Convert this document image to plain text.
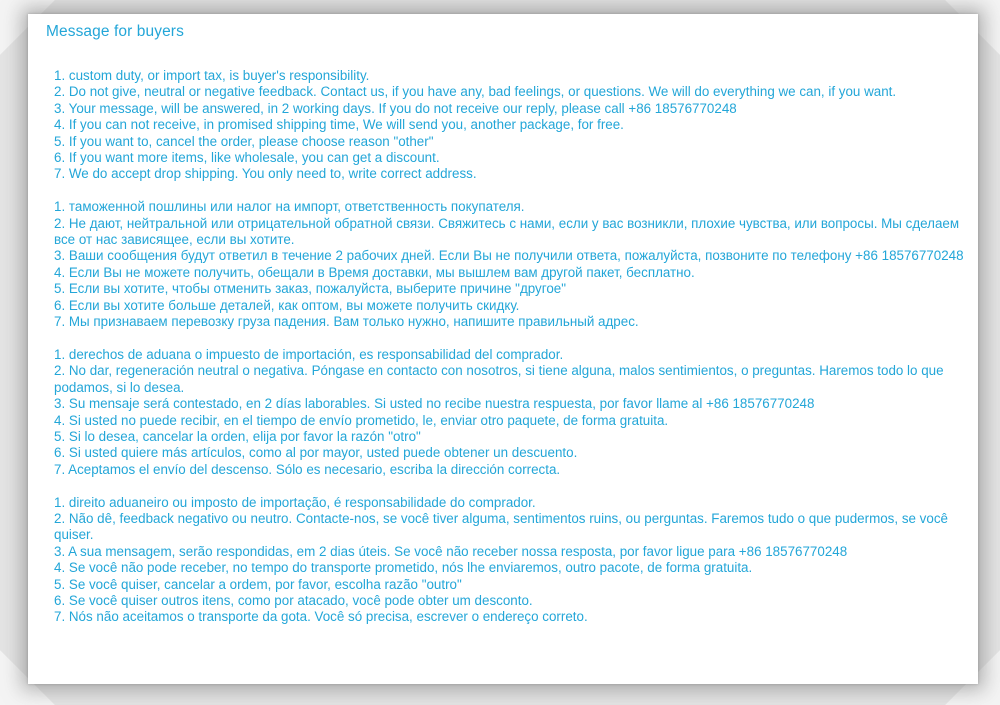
Message for buyers

1. custom duty, or import tax, is buyer's responsibility.

2. Do not give, neutral or negative feedback. Contact us, if you have any, bad feelings, or questions. We will do everything we can, if you want.

3. Your message, will be answered, in 2 working days. If you do not receive our reply, please call +86 18576770248

4. If you can not receive, in promised shipping time, We will send you, another package, for free.

5. If you want to, cancel the order, please choose reason "other"

6. If you want more items, like wholesale, you can get a discount.

7. We do accept drop shipping. You only need to, write correct address.

1. таможенной пошлины или налог на импорт, ответственность покупателя.

2. Не дают, нейтральной или отрицательной обратной связи. Свяжитесь с нами, если у вас возникли, плохие чувства, или вопросы. Мы сделаем все от нас зависящее, если вы хотите.

3. Ваши сообщения будут ответил в течение 2 рабочих дней. Если Вы не получили ответа, пожалуйста, позвоните по телефону +86 18576770248

4. Если Вы не можете получить, обещали в Время доставки, мы вышлем вам другой пакет, бесплатно.

5. Если вы хотите, чтобы отменить заказ, пожалуйста, выберите причине "другое"

6. Если вы хотите больше деталей, как оптом, вы можете получить скидку.

7. Мы признаваем перевозку груза падения. Вам только нужно, напишите правильный адрес.

1. derechos de aduana o impuesto de importación, es responsabilidad del comprador.

2. No dar, regeneración neutral o negativa. Póngase en contacto con nosotros, si tiene alguna, malos sentimientos, o preguntas. Haremos todo lo que podamos, si lo desea.

3. Su mensaje será contestado, en 2 días laborables. Si usted no recibe nuestra respuesta, por favor llame al +86 18576770248

4. Si usted no puede recibir, en el tiempo de envío prometido, le, enviar otro paquete, de forma gratuita.

5. Si lo desea, cancelar la orden, elija por favor la razón "otro"

6. Si usted quiere más artículos, como al por mayor, usted puede obtener un descuento.

7. Aceptamos el envío del descenso. Sólo es necesario, escriba la dirección correcta.

1. direito aduaneiro ou imposto de importação, é responsabilidade do comprador.

2. Não dê, feedback negativo ou neutro. Contacte-nos, se você tiver alguma, sentimentos ruins, ou perguntas. Faremos tudo o que pudermos, se você quiser.

3. A sua mensagem, serão respondidas, em 2 dias úteis. Se você não receber nossa resposta, por favor ligue para +86 18576770248

4. Se você não pode receber, no tempo do transporte prometido, nós lhe enviaremos, outro pacote, de forma gratuita.

5. Se você quiser, cancelar a ordem, por favor, escolha razão "outro"

6. Se você quiser outros itens, como por atacado, você pode obter um desconto.

7. Nós não aceitamos o transporte da gota. Você só precisa, escrever o endereço correto.
